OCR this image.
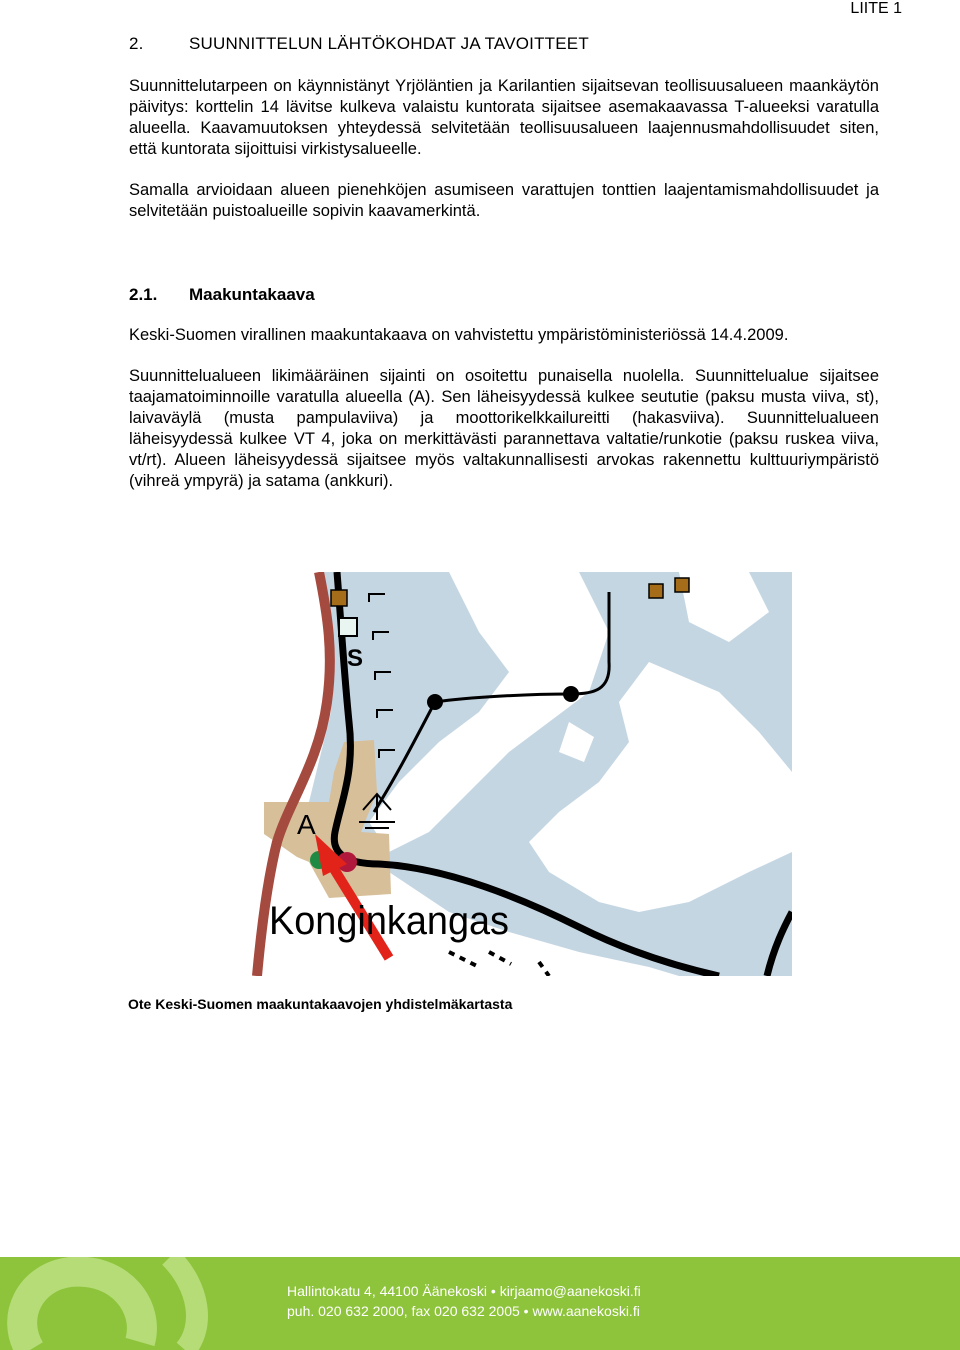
LIITE 1
2.	SUUNNITTELUN LÄHTÖKOHDAT JA TAVOITTEET

Suunnittelutarpeen on käynnistänyt Yrjöläntien ja Karilantien sijaitsevan teollisuusalueen maankäytön päivitys: korttelin 14 lävitse kulkeva valaistu kuntorata sijaitsee asemakaavassa T-alueeksi varatulla alueella. Kaavamuutoksen yhteydessä selvitetään teollisuusalueen laajennusmahdollisuudet siten, että kuntorata sijoittuisi virkistysalueelle.

Samalla arvioidaan alueen pienehköjen asumiseen varattujen tonttien laajentamismahdollisuudet ja selvitetään puistoalueille sopivin kaavamerkintä.

2.1.	Maakuntakaava

Keski-Suomen virallinen maakuntakaava on vahvistettu ympäristöministeriössä 14.4.2009.

Suunnittelualueen likimääräinen sijainti on osoitettu punaisella nuolella. Suunnittelualue sijaitsee taajamatoiminnoille varatulla alueella (A). Sen läheisyydessä kulkee seututie (paksu musta viiva, st), laivaväylä (musta pampulaviiva) ja moottorikelkkailureitti (hakasviiva). Suunnittelualueen läheisyydessä kulkee VT 4, joka on merkittävästi parannettava valtatie/runkotie (paksu ruskea viiva, vt/rt). Alueen läheisyydessä sijaitsee myös valtakunnallisesti arvokas rakennettu kulttuuriympäristö (vihreä ympyrä) ja satama (ankkuri).

S
A
Konginkangas
Ote Keski-Suomen maakuntakaavojen yhdistelmäkartasta
Hallintokatu 4, 44100 Äänekoski • kirjaamo@aanekoski.fi
puh. 020 632 2000, fax 020 632 2005 • www.aanekoski.fi
